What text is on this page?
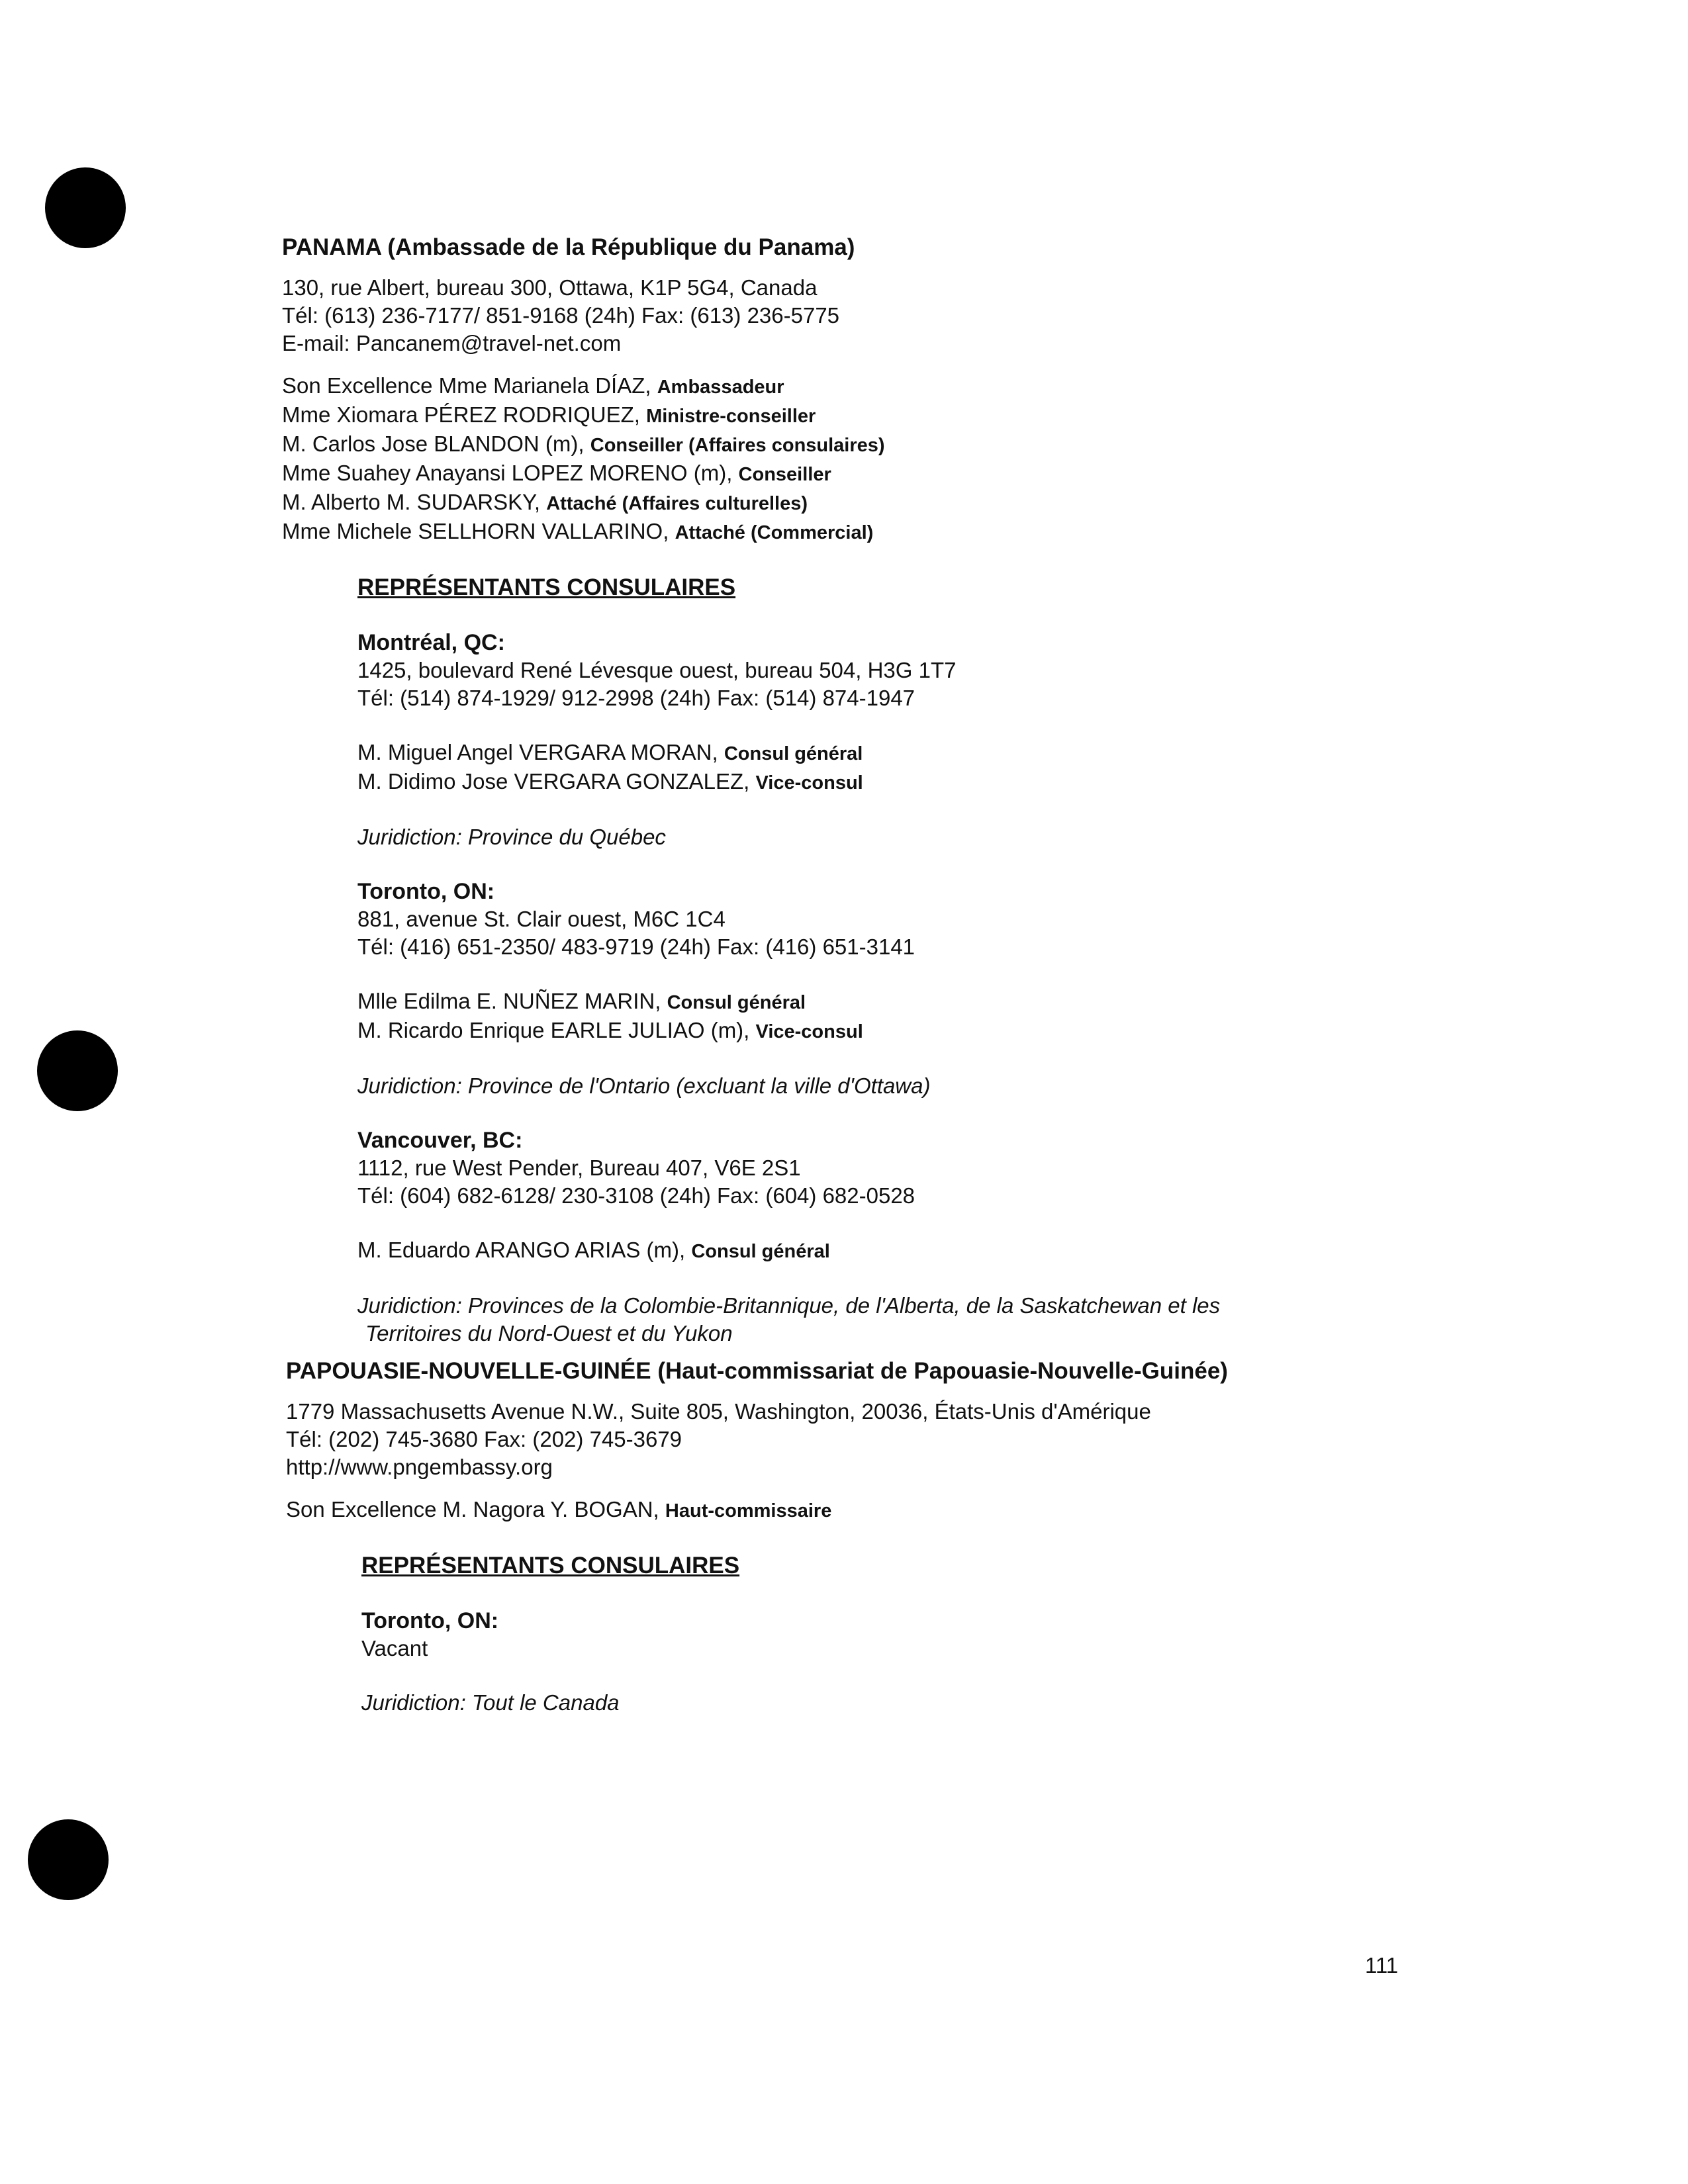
PANAMA (Ambassade de la République du Panama)
130, rue Albert, bureau 300, Ottawa, K1P 5G4, Canada
Tél: (613) 236-7177/ 851-9168 (24h) Fax: (613) 236-5775
E-mail: Pancanem@travel-net.com
Son Excellence Mme Marianela DÍAZ, Ambassadeur
Mme Xiomara PÉREZ RODRIQUEZ, Ministre-conseiller
M. Carlos Jose BLANDON (m), Conseiller (Affaires consulaires)
Mme Suahey Anayansi LOPEZ MORENO (m), Conseiller
M. Alberto M. SUDARSKY, Attaché (Affaires culturelles)
Mme Michele SELLHORN VALLARINO, Attaché (Commercial)
REPRÉSENTANTS CONSULAIRES
Montréal, QC:
1425, boulevard René Lévesque ouest, bureau 504, H3G 1T7
Tél: (514) 874-1929/ 912-2998 (24h) Fax: (514) 874-1947
M. Miguel Angel VERGARA MORAN, Consul général
M. Didimo Jose VERGARA GONZALEZ, Vice-consul
Juridiction: Province du Québec
Toronto, ON:
881, avenue St. Clair ouest, M6C 1C4
Tél: (416) 651-2350/ 483-9719 (24h) Fax: (416) 651-3141
Mlle Edilma E. NUÑEZ MARIN, Consul général
M. Ricardo Enrique EARLE JULIAO (m), Vice-consul
Juridiction: Province de l'Ontario (excluant la ville d'Ottawa)
Vancouver, BC:
1112, rue West Pender, Bureau 407, V6E 2S1
Tél: (604) 682-6128/ 230-3108 (24h) Fax: (604) 682-0528
M. Eduardo ARANGO ARIAS (m), Consul général
Juridiction: Provinces de la Colombie-Britannique, de l'Alberta, de la Saskatchewan et les
Territoires du Nord-Ouest et du Yukon
PAPOUASIE-NOUVELLE-GUINÉE (Haut-commissariat de Papouasie-Nouvelle-Guinée)
1779 Massachusetts Avenue N.W., Suite 805, Washington, 20036, États-Unis d'Amérique
Tél: (202) 745-3680 Fax: (202) 745-3679
http://www.pngembassy.org
Son Excellence M. Nagora Y. BOGAN, Haut-commissaire
REPRÉSENTANTS CONSULAIRES
Toronto, ON:
Vacant
Juridiction: Tout le Canada
111
